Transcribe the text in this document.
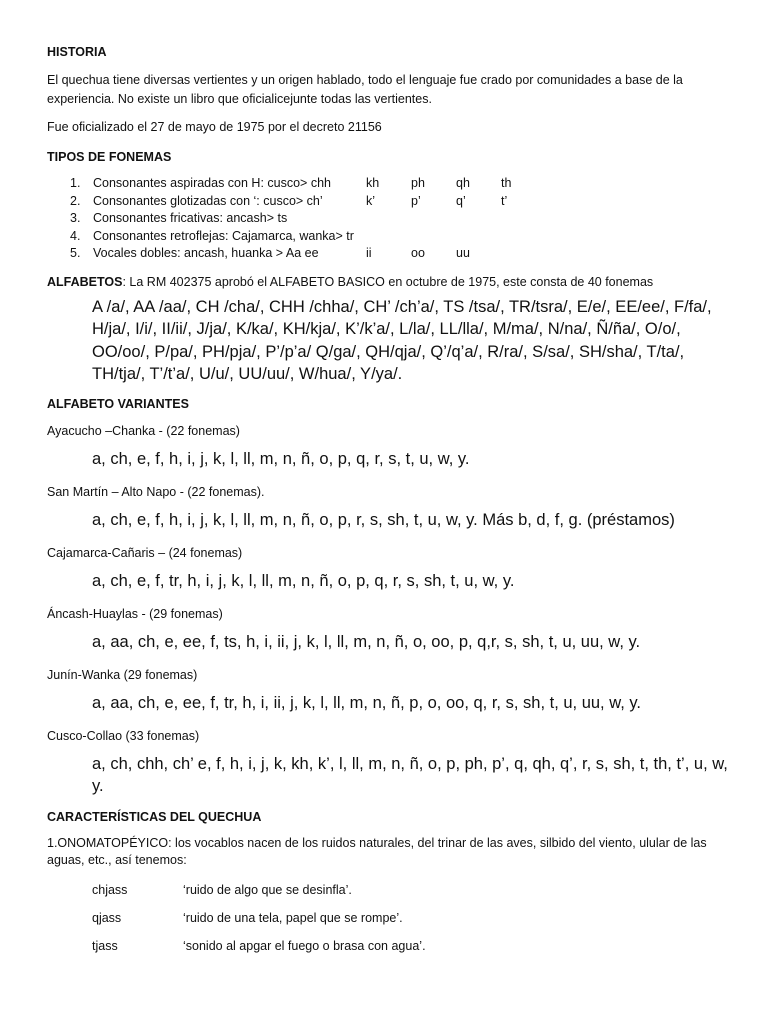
HISTORIA
El quechua tiene diversas vertientes y un origen hablado, todo el lenguaje fue crado por comunidades a base de la experiencia. No existe un libro que oficialicejunte todas las vertientes.
Fue oficializado el 27 de mayo de 1975 por el decreto 21156
TIPOS DE FONEMAS
1.	Consonantes aspiradas con H: cusco> chh	kh	ph	qh	th
2.	Consonantes glotizadas con ‘: cusco> ch’	k’	p’	q’	t’
3.	Consonantes fricativas: ancash> ts
4.	Consonantes retroflejas: Cajamarca, wanka> tr
5.	Vocales dobles: ancash, huanka > Aa ee	ii	oo	uu
ALFABETOS: La RM 402375 aprobó el ALFABETO BASICO en octubre de 1975, este consta de 40 fonemas
A /a/, AA /aa/, CH /cha/, CHH /chha/, CH’ /ch’a/, TS /tsa/, TR/tsra/, E/e/, EE/ee/, F/fa/, H/ja/, I/i/, II/ii/, J/ja/, K/ka/, KH/kja/, K’/k’a/, L/la/, LL/lla/, M/ma/, N/na/, Ñ/ña/, O/o/, OO/oo/, P/pa/, PH/pja/, P’/p’a/ Q/ga/, QH/qja/, Q’/q’a/, R/ra/, S/sa/, SH/sha/, T/ta/, TH/tja/, T’/t’a/, U/u/, UU/uu/, W/hua/, Y/ya/.
ALFABETO VARIANTES
Ayacucho –Chanka - (22 fonemas)
a, ch, e, f, h, i, j, k, l, ll, m, n, ñ, o, p, q, r, s, t, u, w, y.
San Martín – Alto Napo - (22 fonemas).
a, ch, e, f, h, i, j, k, l, ll, m, n, ñ, o, p, r, s, sh, t, u, w, y. Más b, d, f, g. (préstamos)
Cajamarca-Cañaris – (24 fonemas)
a, ch, e, f, tr, h, i, j, k, l, ll, m, n, ñ, o, p, q, r, s, sh, t, u, w, y.
Áncash-Huaylas - (29 fonemas)
a, aa, ch, e, ee, f, ts, h, i, ii, j, k, l, ll, m, n, ñ, o, oo, p, q,r, s, sh, t, u, uu, w, y.
Junín-Wanka (29 fonemas)
a, aa, ch, e, ee, f, tr, h, i, ii, j, k, l, ll, m, n, ñ, p, o, oo, q, r, s, sh, t, u, uu, w, y.
Cusco-Collao (33 fonemas)
a, ch, chh, ch’ e, f, h, i, j, k, kh, k’, l, ll, m, n, ñ, o, p, ph, p’, q, qh, q’, r, s, sh, t, th, t’, u, w, y.
CARACTERÍSTICAS DEL QUECHUA
1.ONOMATOPÉYICO: los vocablos nacen de los ruidos naturales, del trinar de las aves, silbido del viento, ulular de las aguas, etc., así tenemos:
chjass	‘ruido de algo que se desinfla’.
qjass	‘ruido de una tela, papel que se rompe’.
tjass	‘sonido al apgar el fuego o brasa con agua’.
